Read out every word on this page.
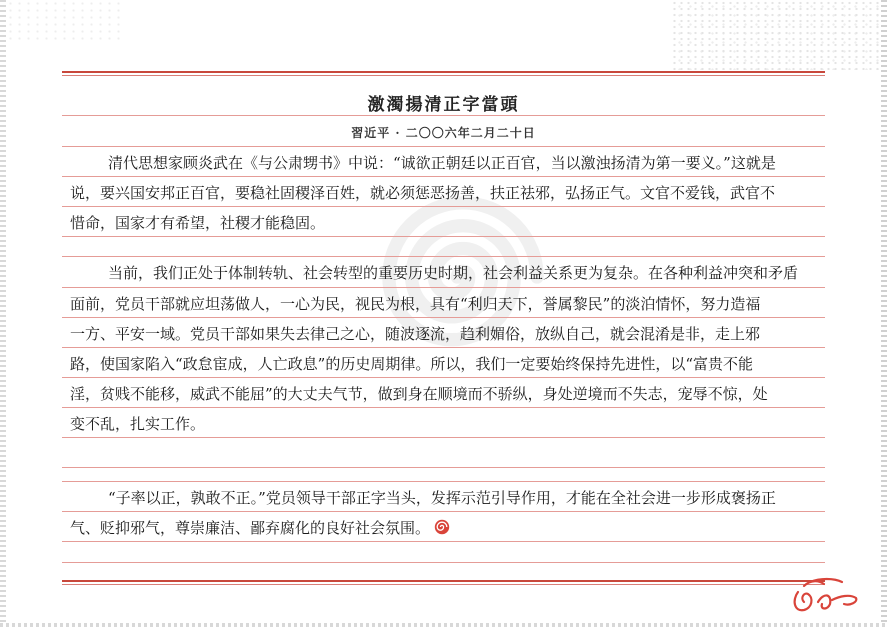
激濁揚清正字當頭
習近平 · 二〇〇六年二月二十日
清代思想家顾炎武在《与公肃甥书》中说：“诚欲正朝廷以正百官，当以激浊扬清为第一要义。”这就是
说，要兴国安邦正百官，要稳社固稷泽百姓，就必须惩恶扬善，扶正祛邪，弘扬正气。文官不爱钱，武官不
惜命，国家才有希望，社稷才能稳固。
当前，我们正处于体制转轨、社会转型的重要历史时期，社会利益关系更为复杂。在各种利益冲突和矛盾
面前，党员干部就应坦荡做人，一心为民，视民为根，具有“利归天下，誉属黎民”的淡泊情怀，努力造福
一方、平安一域。党员干部如果失去律己之心，随波逐流，趋利媚俗，放纵自己，就会混淆是非，走上邪
路，使国家陷入“政怠宦成，人亡政息”的历史周期律。所以，我们一定要始终保持先进性，以“富贵不能
淫，贫贱不能移，威武不能屈”的大丈夫气节，做到身在顺境而不骄纵，身处逆境而不失志，宠辱不惊，处
变不乱，扎实工作。
“子率以正，孰敢不正。”党员领导干部正字当头，发挥示范引导作用，才能在全社会进一步形成褒扬正
气、贬抑邪气，尊崇廉洁、鄙弃腐化的良好社会氛围。
